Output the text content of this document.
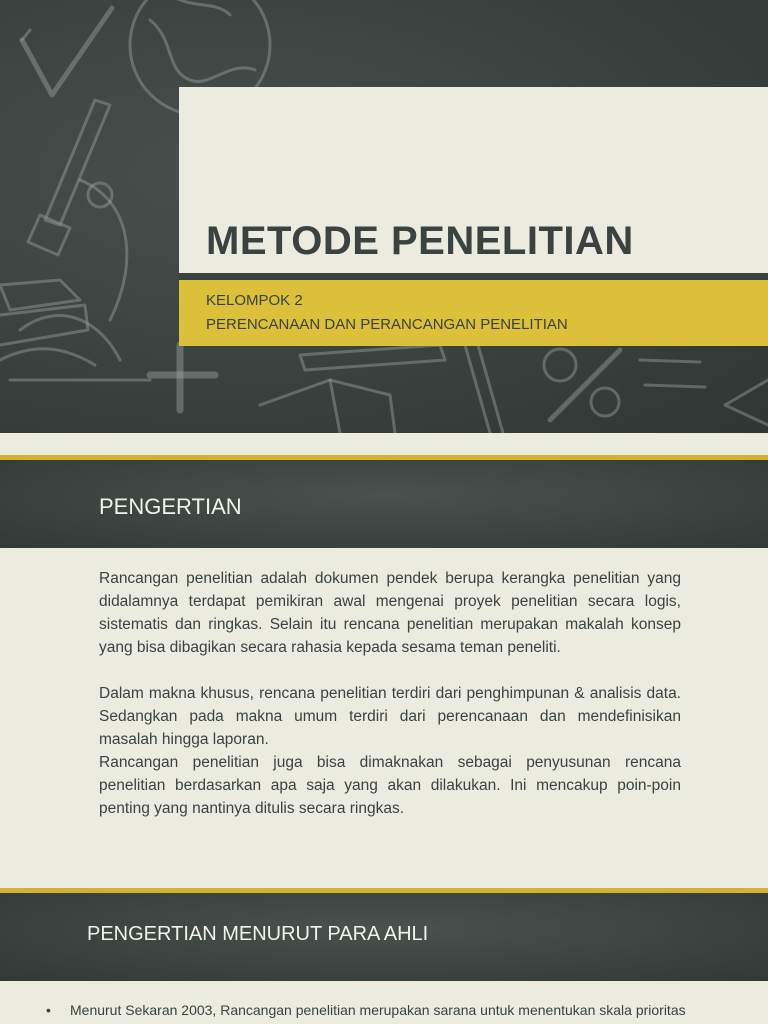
METODE PENELITIAN
KELOMPOK 2
PERENCANAAN DAN PERANCANGAN PENELITIAN
PENGERTIAN

Rancangan penelitian adalah dokumen pendek berupa kerangka penelitian yang didalamnya terdapat pemikiran awal mengenai proyek penelitian secara logis, sistematis dan ringkas. Selain itu rencana penelitian merupakan makalah konsep yang bisa dibagikan secara rahasia kepada sesama teman peneliti.

Dalam makna khusus, rencana penelitian terdiri dari penghimpunan & analisis data. Sedangkan pada makna umum terdiri dari perencanaan dan mendefinisikan masalah hingga laporan.

Rancangan penelitian juga bisa dimaknakan sebagai penyusunan rencana penelitian berdasarkan apa saja yang akan dilakukan. Ini mencakup poin-poin penting yang nantinya ditulis secara ringkas.

PENGERTIAN MENURUT PARA AHLI
• Menurut Sekaran 2003, Rancangan penelitian merupakan sarana untuk menentukan skala prioritas
